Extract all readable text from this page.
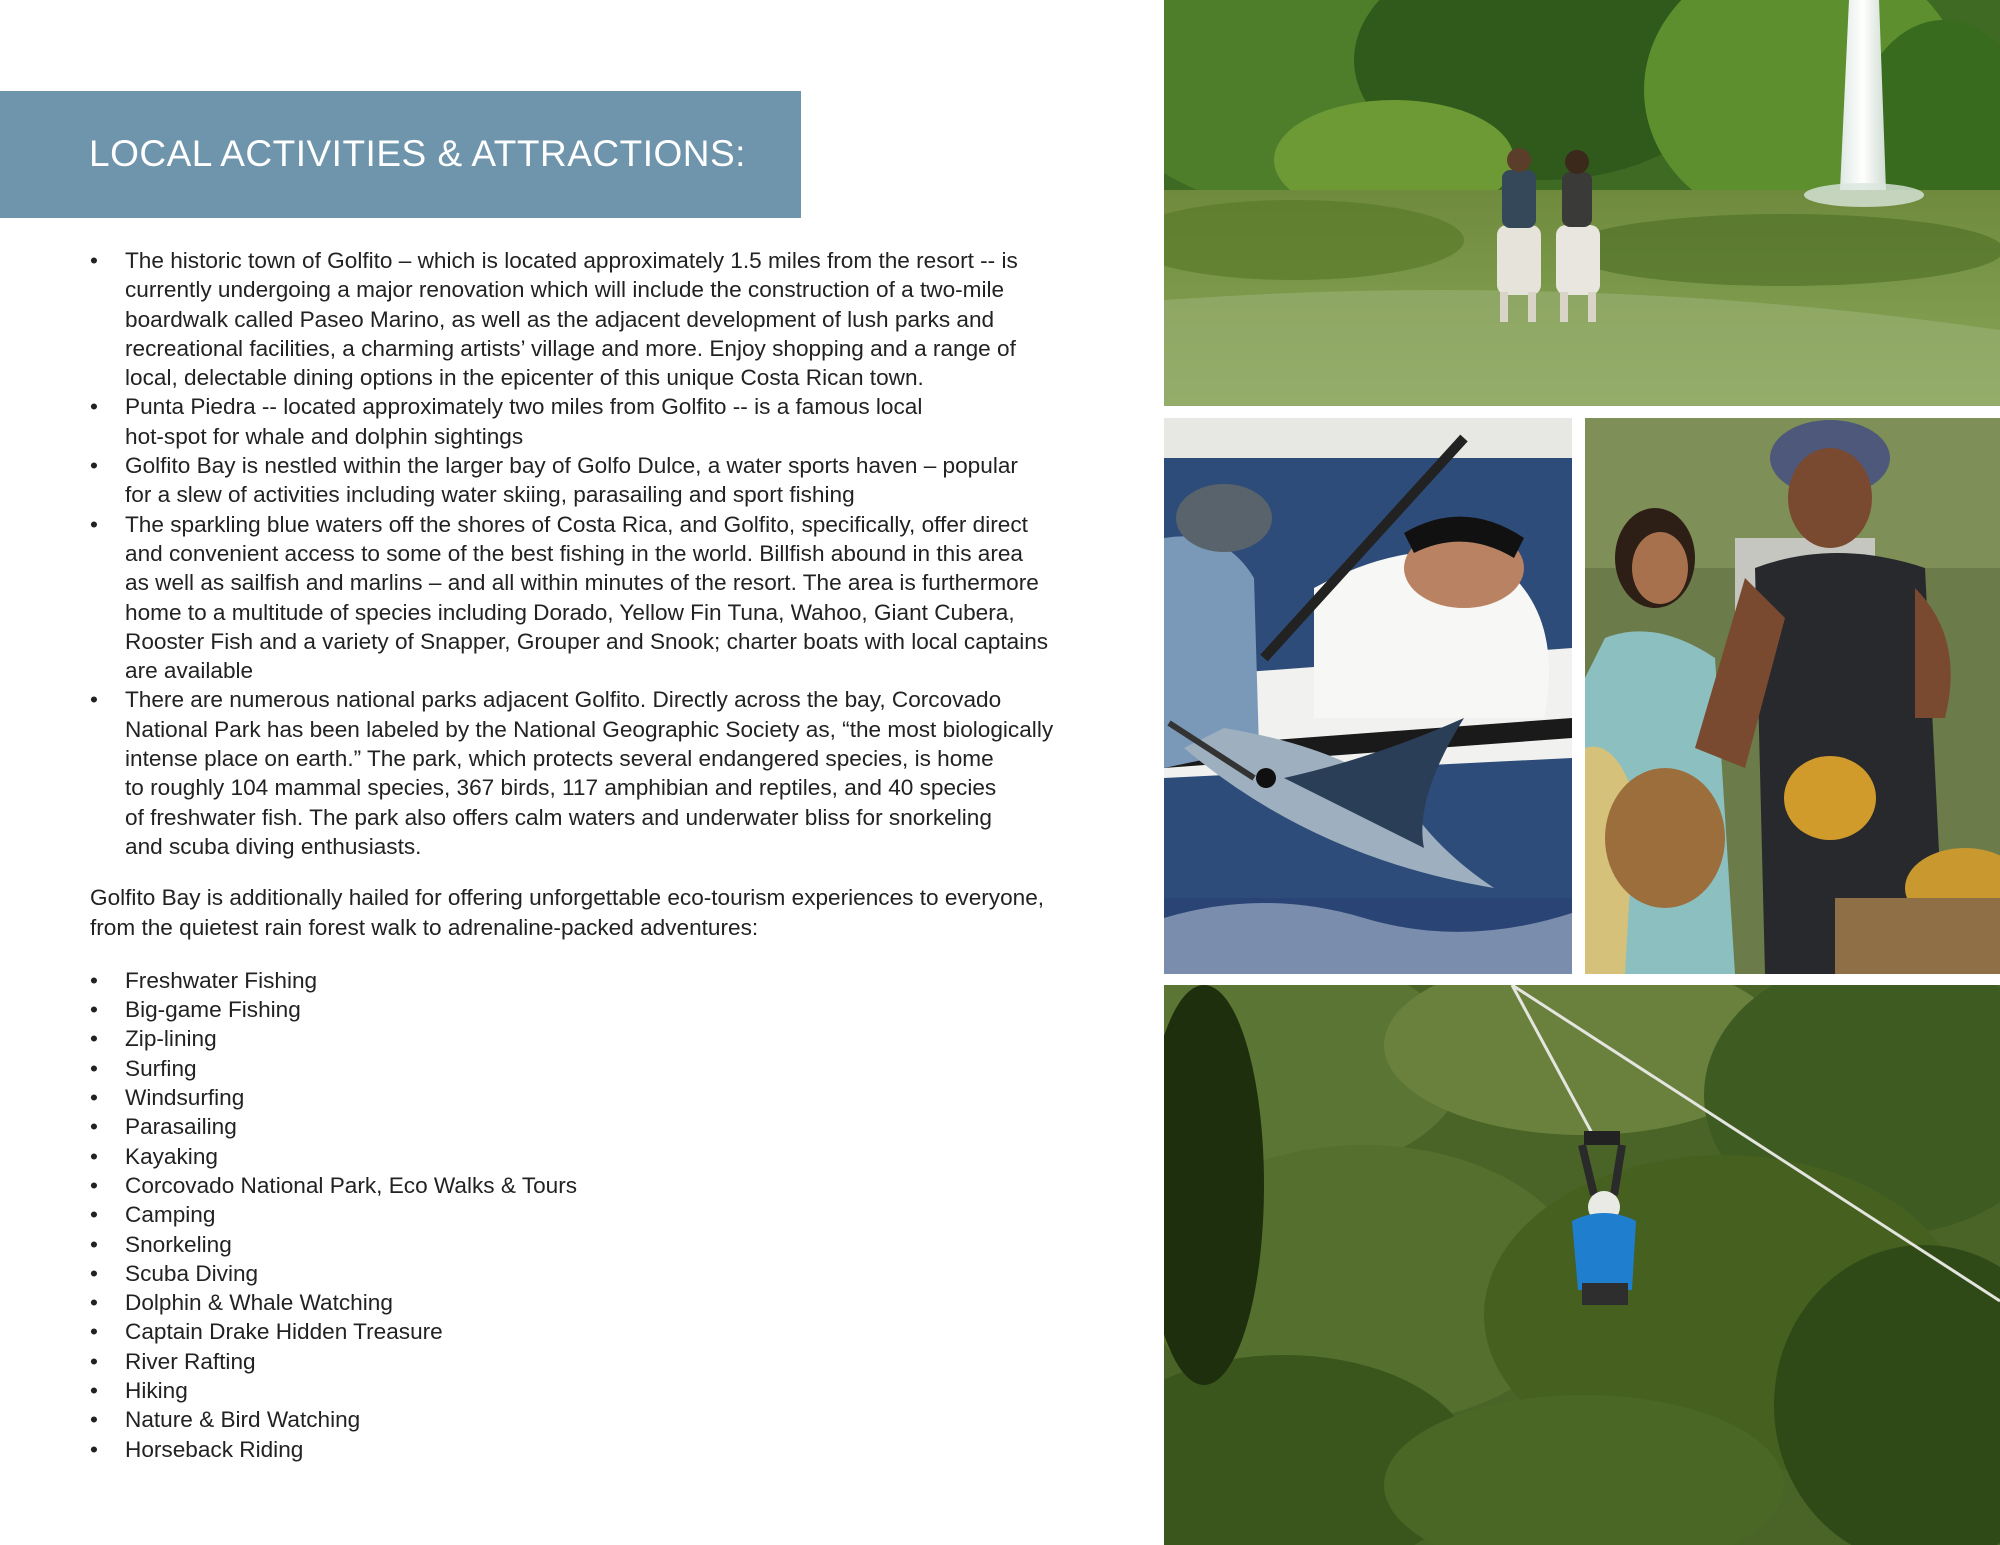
LOCAL ACTIVITIES & ATTRACTIONS:
• The historic town of Golfito – which is located approximately 1.5 miles from the resort -- is
currently undergoing a major renovation which will include the construction of a two-mile
boardwalk called Paseo Marino, as well as the adjacent development of lush parks and
recreational facilities, a charming artists’ village and more. Enjoy shopping and a range of
local, delectable dining options in the epicenter of this unique Costa Rican town.
• Punta Piedra -- located approximately two miles from Golfito -- is a famous local
hot-spot for whale and dolphin sightings
• Golfito Bay is nestled within the larger bay of Golfo Dulce, a water sports haven – popular
for a slew of activities including water skiing, parasailing and sport fishing
• The sparkling blue waters off the shores of Costa Rica, and Golfito, specifically, offer direct
and convenient access to some of the best fishing in the world. Billfish abound in this area
as well as sailfish and marlins – and all within minutes of the resort. The area is furthermore
home to a multitude of species including Dorado, Yellow Fin Tuna, Wahoo, Giant Cubera,
Rooster Fish and a variety of Snapper, Grouper and Snook; charter boats with local captains
are available
• There are numerous national parks adjacent Golfito. Directly across the bay, Corcovado
National Park has been labeled by the National Geographic Society as, “the most biologically
intense place on earth.” The park, which protects several endangered species, is home
to roughly 104 mammal species, 367 birds, 117 amphibian and reptiles, and 40 species
of freshwater fish. The park also offers calm waters and underwater bliss for snorkeling
and scuba diving enthusiasts.
Golfito Bay is additionally hailed for offering unforgettable eco-tourism experiences to everyone,
from the quietest rain forest walk to adrenaline-packed adventures:
• Freshwater Fishing
• Big-game Fishing
• Zip-lining
• Surfing
• Windsurfing
• Parasailing
• Kayaking
• Corcovado National Park, Eco Walks & Tours
• Camping
• Snorkeling
• Scuba Diving
• Dolphin & Whale Watching
• Captain Drake Hidden Treasure
• River Rafting
• Hiking
• Nature & Bird Watching
• Horseback Riding
